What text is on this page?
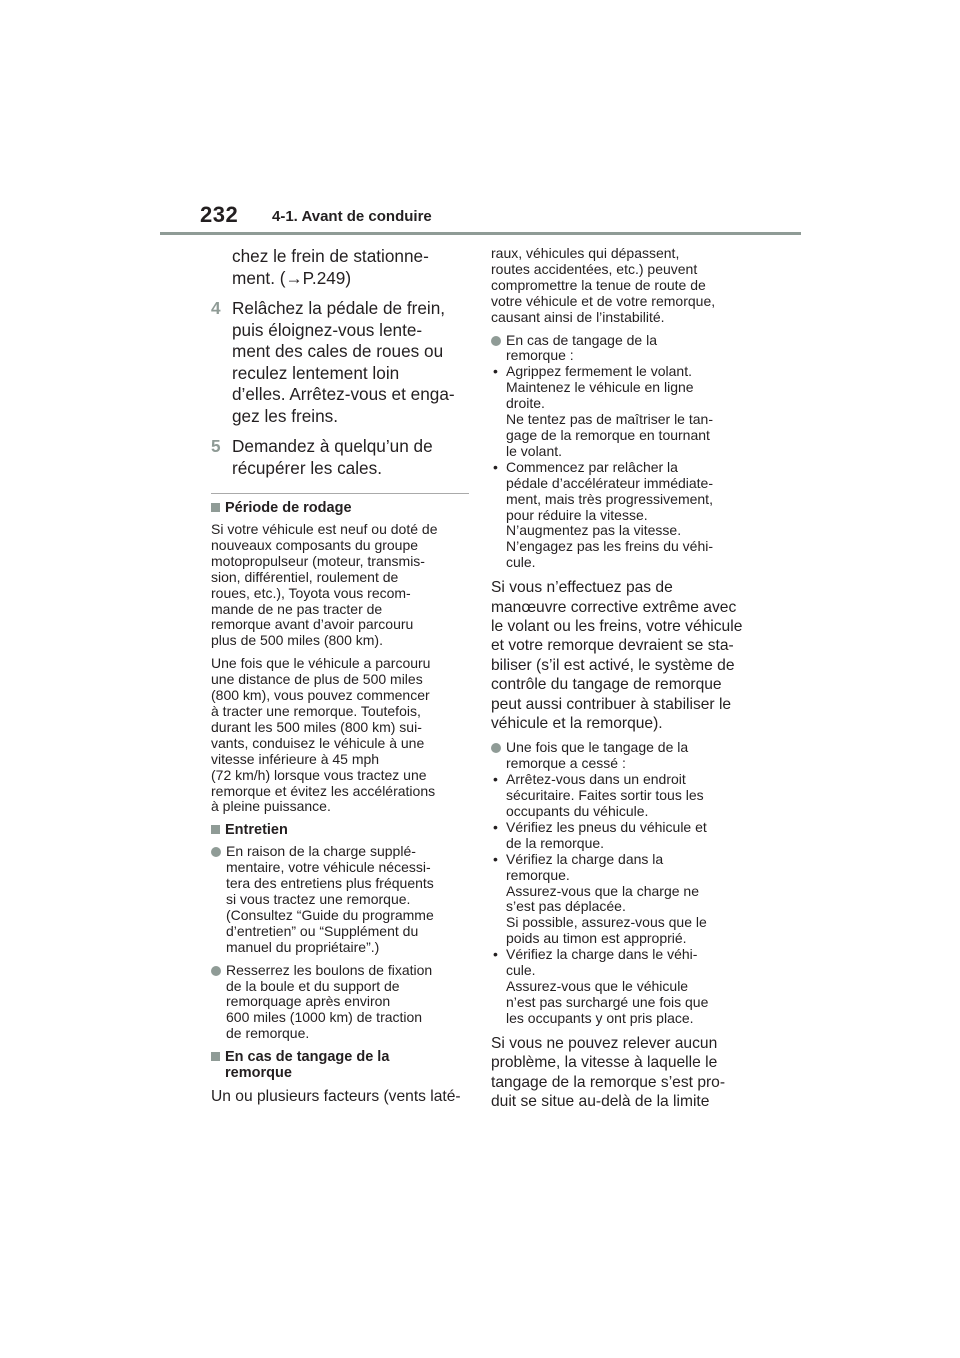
232 4-1. Avant de conduire
chez le frein de stationne-
ment. (→P.249)
4 Relâchez la pédale de frein,
puis éloignez-vous lente-
ment des cales de roues ou
reculez lentement loin
d’elles. Arrêtez-vous et enga-
gez les freins.
5 Demandez à quelqu’un de
récupérer les cales.
Période de rodage
Si votre véhicule est neuf ou doté de
nouveaux composants du groupe
motopropulseur (moteur, transmis-
sion, différentiel, roulement de
roues, etc.), Toyota vous recom-
mande de ne pas tracter de
remorque avant d’avoir parcouru
plus de 500 miles (800 km).
Une fois que le véhicule a parcouru
une distance de plus de 500 miles
(800 km), vous pouvez commencer
à tracter une remorque. Toutefois,
durant les 500 miles (800 km) sui-
vants, conduisez le véhicule à une
vitesse inférieure à 45 mph
(72 km/h) lorsque vous tractez une
remorque et évitez les accélérations
à pleine puissance.
Entretien
En raison de la charge supplé-
mentaire, votre véhicule nécessi-
tera des entretiens plus fréquents
si vous tractez une remorque.
(Consultez “Guide du programme
d’entretien” ou “Supplément du
manuel du propriétaire”.)
Resserrez les boulons de fixation
de la boule et du support de
remorquage après environ
600 miles (1000 km) de traction
de remorque.
En cas de tangage de la
remorque
Un ou plusieurs facteurs (vents laté-
raux, véhicules qui dépassent,
routes accidentées, etc.) peuvent
compromettre la tenue de route de
votre véhicule et de votre remorque,
causant ainsi de l’instabilité.
En cas de tangage de la
remorque :
• Agrippez fermement le volant.
Maintenez le véhicule en ligne
droite.
Ne tentez pas de maîtriser le tan-
gage de la remorque en tournant
le volant.
• Commencez par relâcher la
pédale d’accélérateur immédiate-
ment, mais très progressivement,
pour réduire la vitesse.
N’augmentez pas la vitesse.
N’engagez pas les freins du véhi-
cule.
Si vous n’effectuez pas de
manœuvre corrective extrême avec
le volant ou les freins, votre véhicule
et votre remorque devraient se sta-
biliser (s’il est activé, le système de
contrôle du tangage de remorque
peut aussi contribuer à stabiliser le
véhicule et la remorque).
Une fois que le tangage de la
remorque a cessé :
• Arrêtez-vous dans un endroit
sécuritaire. Faites sortir tous les
occupants du véhicule.
• Vérifiez les pneus du véhicule et
de la remorque.
• Vérifiez la charge dans la
remorque.
Assurez-vous que la charge ne
s’est pas déplacée.
Si possible, assurez-vous que le
poids au timon est approprié.
• Vérifiez la charge dans le véhi-
cule.
Assurez-vous que le véhicule
n’est pas surchargé une fois que
les occupants y ont pris place.
Si vous ne pouvez relever aucun
problème, la vitesse à laquelle le
tangage de la remorque s’est pro-
duit se situe au-delà de la limite
